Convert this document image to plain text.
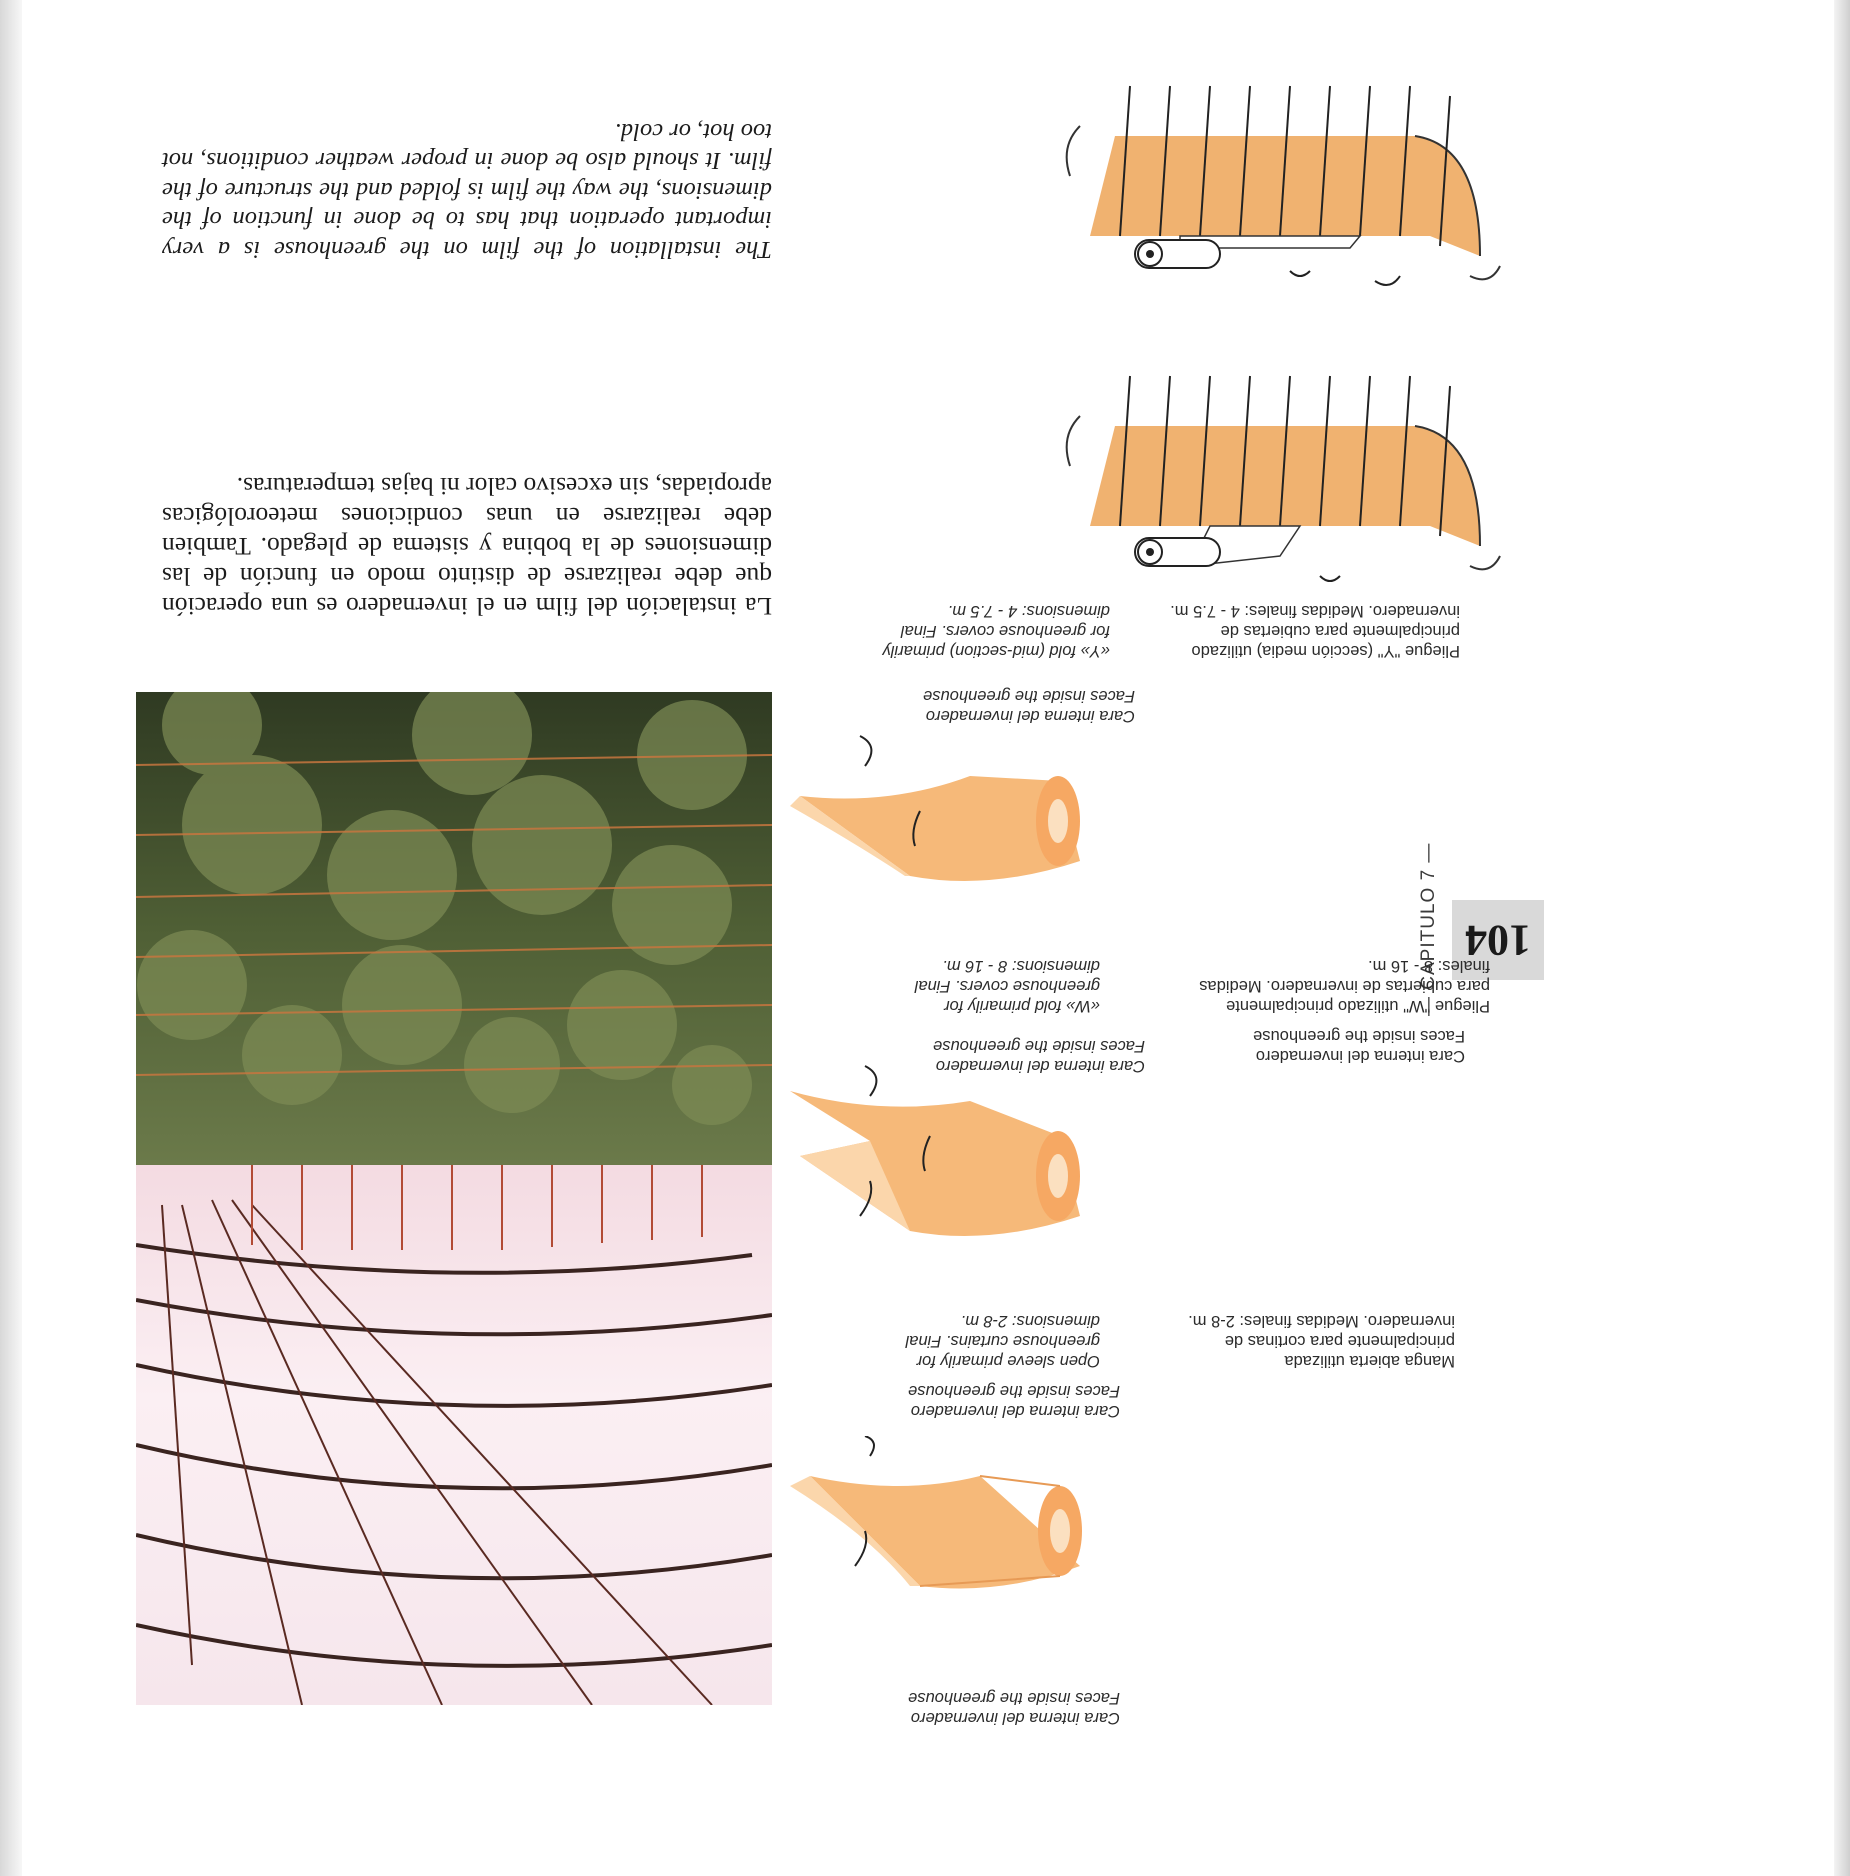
104

— CAPITULO 7 —

La instalación del film en el invernadero es una operación que debe realizarse de distinto modo en función de las dimensiones de la bobina y sistema de plegado. Tambien debe realizarse en unas condiciones meteorológicas apropiadas, sin excesivo calor ni bajas temperaturas.

The installation of the film on the greenhouse is a very important operation that has to be done in function of the dimensions, the way the film is folded and the structure of the film. It should also be done in proper weather conditions, not too hot, or cold.

Cara interna del invernadero
Faces inside the greenhouse

Cara interna del invernadero
Faces inside the greenhouse

Manga abierta utilizada principalmente para cortinas de invernadero. Medidas finales: 2-8 m.

Open sleeve primarily for greenhouse curtains. Final dimensions: 2-8 m.

Cara interna del invernadero
Faces inside the greenhouse

Cara interna del invernadero
Faces inside the greenhouse

Pliegue "W" utilizado principalmente para cubiertas de invernadero. Medidas finales: 8 - 16 m.

«W» fold primarily for greenhouse covers. Final dimensions: 8 - 16 m.

Cara interna del invernadero
Faces inside the greenhouse

Pliegue "Y" (sección media) utilizado principalmente para cubiertas de invernadero. Medidas finales: 4 - 7.5 m.

«Y» fold (mid-section) primarily for greenhouse covers. Final dimensions: 4 - 7.5 m.
